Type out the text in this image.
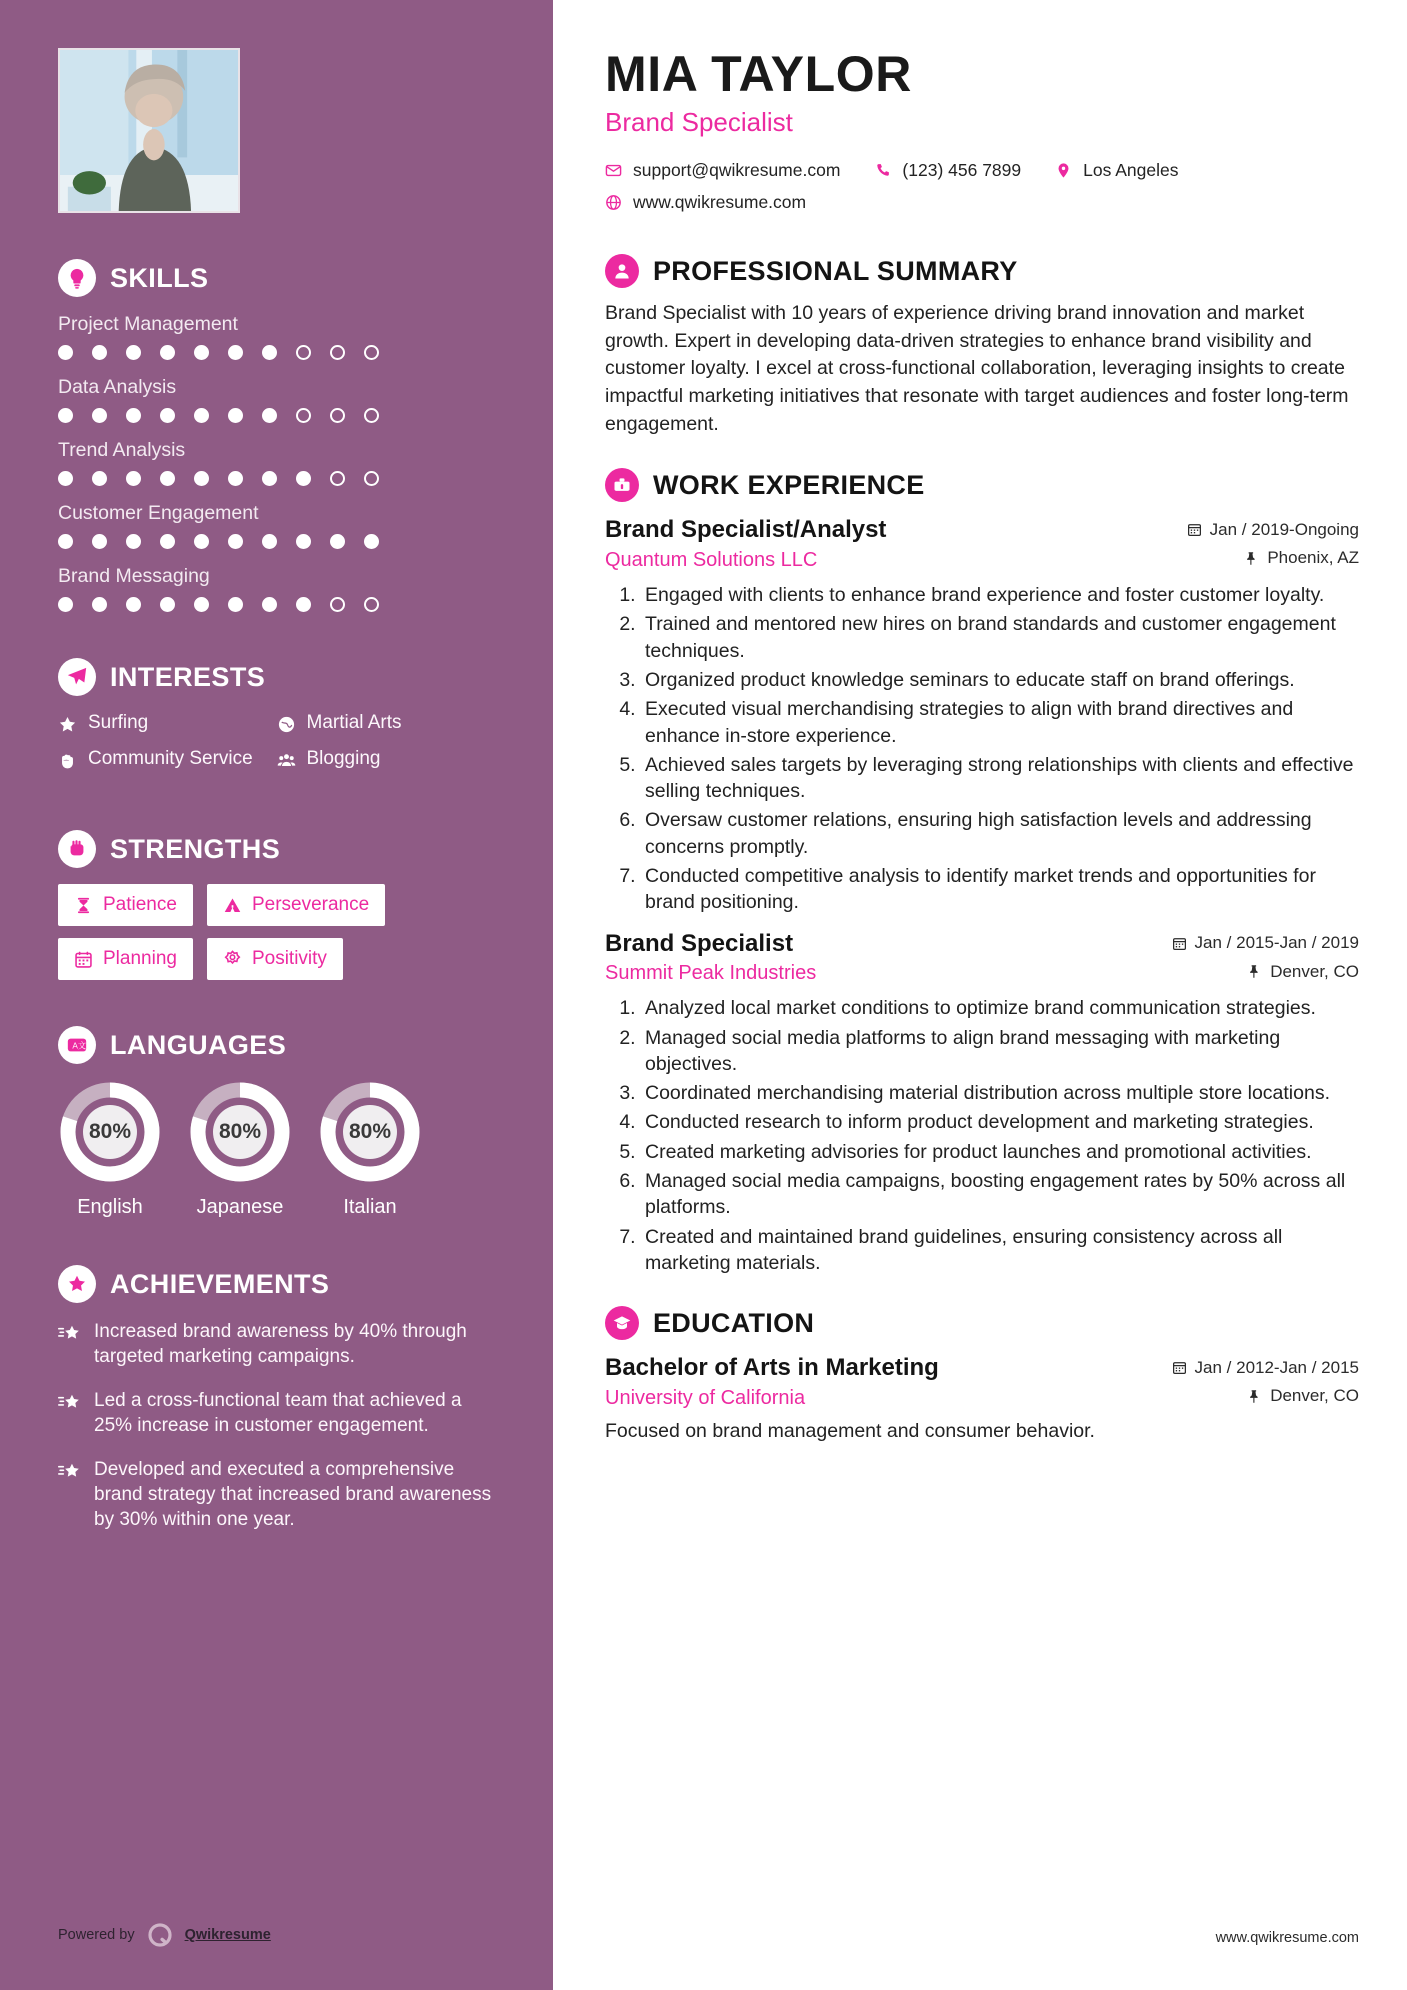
SKILLS
Project Management
Data Analysis
Trend Analysis
Customer Engagement
Brand Messaging
INTERESTS
Surfing	Martial Arts
Community Service	Blogging
STRENGTHS
Patience	Perseverance
Planning	Positivity
A 文 LANGUAGES
80%
English
80%
Japanese
80%
Italian
ACHIEVEMENTS
Increased brand awareness by 40% through targeted marketing campaigns.
Led a cross-functional team that achieved a 25% increase in customer engagement.
Developed and executed a comprehensive brand strategy that increased brand awareness by 30% within one year.
Powered by	Qwikresume
MIA TAYLOR
Brand Specialist
support@qwikresume.com	(123) 456 7899	Los Angeles
www.qwikresume.com
PROFESSIONAL SUMMARY

Brand Specialist with 10 years of experience driving brand innovation and market growth. Expert in developing data-driven strategies to enhance brand visibility and customer loyalty. I excel at cross-functional collaboration, leveraging insights to create impactful marketing initiatives that resonate with target audiences and foster long-term engagement.

WORK EXPERIENCE
Brand Specialist/Analyst	Jan / 2019-Ongoing
Quantum Solutions LLC	Phoenix, AZ
1. Engaged with clients to enhance brand experience and foster customer loyalty.
2. Trained and mentored new hires on brand standards and customer engagement techniques.
3. Organized product knowledge seminars to educate staff on brand offerings.
4. Executed visual merchandising strategies to align with brand directives and enhance in-store experience.
5. Achieved sales targets by leveraging strong relationships with clients and effective selling techniques.
6. Oversaw customer relations, ensuring high satisfaction levels and addressing concerns promptly.
7. Conducted competitive analysis to identify market trends and opportunities for brand positioning.
Brand Specialist	Jan / 2015-Jan / 2019
Summit Peak Industries	Denver, CO
1. Analyzed local market conditions to optimize brand communication strategies.
2. Managed social media platforms to align brand messaging with marketing objectives.
3. Coordinated merchandising material distribution across multiple store locations.
4. Conducted research to inform product development and marketing strategies.
5. Created marketing advisories for product launches and promotional activities.
6. Managed social media campaigns, boosting engagement rates by 50% across all platforms.
7. Created and maintained brand guidelines, ensuring consistency across all marketing materials.
EDUCATION
Bachelor of Arts in Marketing	Jan / 2012-Jan / 2015
University of California	Denver, CO

Focused on brand management and consumer behavior.

www.qwikresume.com
